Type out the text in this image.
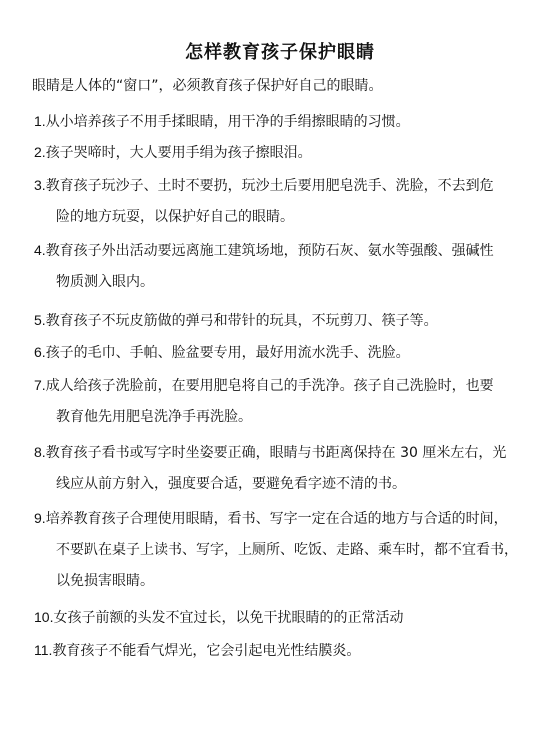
怎样教育孩子保护眼睛
眼睛是人体的“窗口”，必须教育孩子保护好自己的眼睛。
1.从小培养孩子不用手揉眼睛，用干净的手绢擦眼睛的习惯。
2.孩子哭啼时，大人要用手绢为孩子擦眼泪。
3.教育孩子玩沙子、土时不要扔，玩沙土后要用肥皂洗手、洗脸，不去到危
险的地方玩耍，以保护好自己的眼睛。
4.教育孩子外出活动要远离施工建筑场地，预防石灰、氨水等强酸、强碱性
物质测入眼内。
5.教育孩子不玩皮筋做的弹弓和带针的玩具，不玩剪刀、筷子等。
6.孩子的毛巾、手帕、脸盆要专用，最好用流水洗手、洗脸。
7.成人给孩子洗脸前，在要用肥皂将自己的手洗净。孩子自己洗脸时，也要
教育他先用肥皂洗净手再洗脸。
8.教育孩子看书或写字时坐姿要正确，眼睛与书距离保持在 30 厘米左右，光
线应从前方射入，强度要合适，要避免看字迹不清的书。
9.培养教育孩子合理使用眼睛，看书、写字一定在合适的地方与合适的时间，
不要趴在桌子上读书、写字，上厕所、吃饭、走路、乘车时，都不宜看书，
以免损害眼睛。
10.女孩子前额的头发不宜过长，以免干扰眼睛的的正常活动
11.教育孩子不能看气焊光，它会引起电光性结膜炎。
